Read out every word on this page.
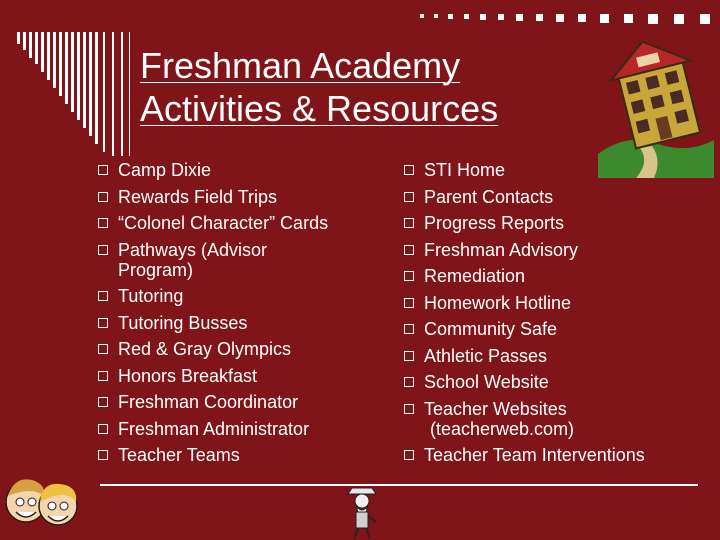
Freshman Academy
Activities & Resources
Camp Dixie
Rewards Field Trips
“Colonel Character” Cards
Pathways (Advisor
Program)
Tutoring
Tutoring Busses
Red & Gray Olympics
Honors Breakfast
Freshman Coordinator
Freshman Administrator
Teacher Teams
STI Home
Parent Contacts
Progress Reports
Freshman Advisory
Remediation
Homework Hotline
Community Safe
Athletic Passes
School Website
Teacher Websites
(teacherweb.com)
Teacher Team Interventions
